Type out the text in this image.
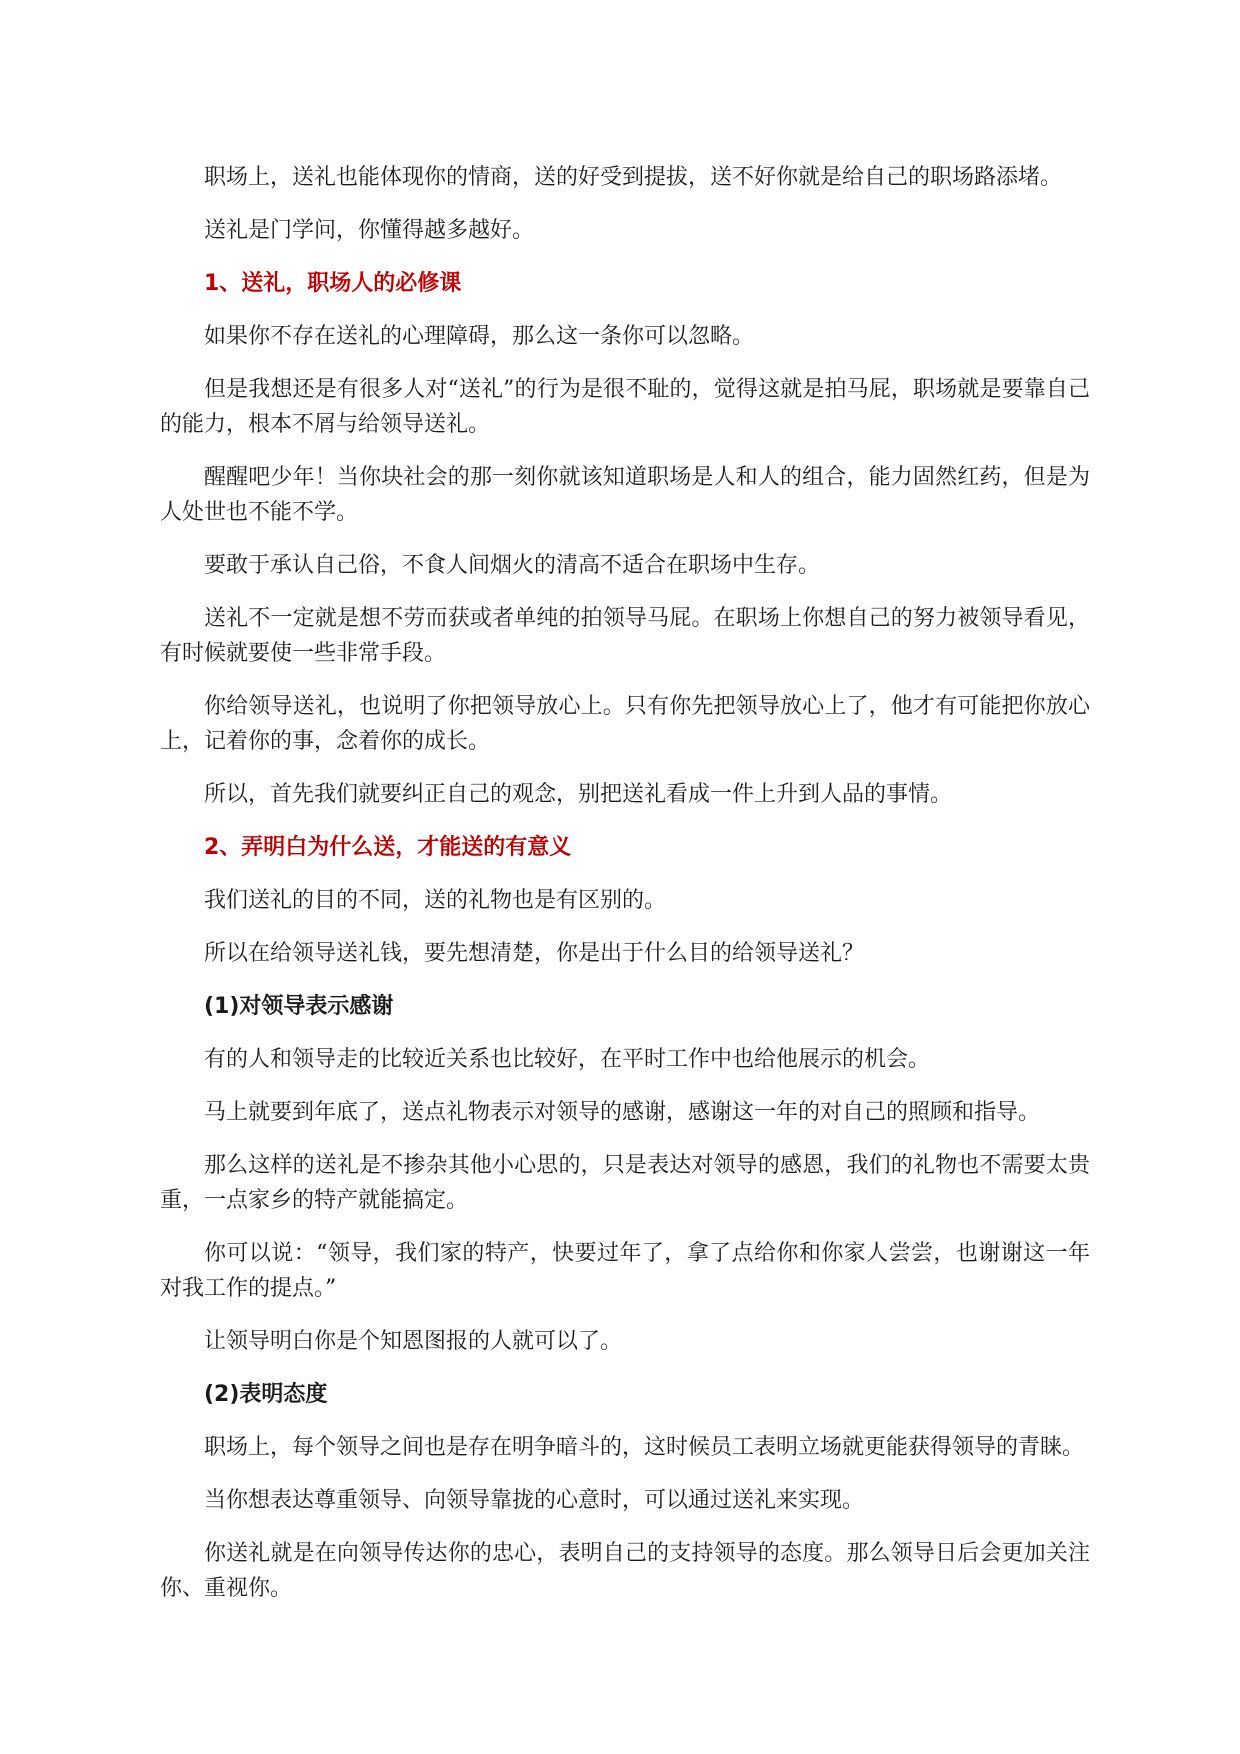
职场上，送礼也能体现你的情商，送的好受到提拔，送不好你就是给自己的职场路添堵。

送礼是门学问，你懂得越多越好。

1、送礼，职场人的必修课

如果你不存在送礼的心理障碍，那么这一条你可以忽略。

但是我想还是有很多人对“送礼”的行为是很不耻的，觉得这就是拍马屁，职场就是要靠自己的能力，根本不屑与给领导送礼。

醒醒吧少年！当你块社会的那一刻你就该知道职场是人和人的组合，能力固然红药，但是为人处世也不能不学。

要敢于承认自己俗，不食人间烟火的清高不适合在职场中生存。

送礼不一定就是想不劳而获或者单纯的拍领导马屁。在职场上你想自己的努力被领导看见，有时候就要使一些非常手段。

你给领导送礼，也说明了你把领导放心上。只有你先把领导放心上了，他才有可能把你放心上，记着你的事，念着你的成长。

所以，首先我们就要纠正自己的观念，别把送礼看成一件上升到人品的事情。

2、弄明白为什么送，才能送的有意义

我们送礼的目的不同，送的礼物也是有区别的。

所以在给领导送礼钱，要先想清楚，你是出于什么目的给领导送礼？

(1)对领导表示感谢

有的人和领导走的比较近关系也比较好，在平时工作中也给他展示的机会。

马上就要到年底了，送点礼物表示对领导的感谢，感谢这一年的对自己的照顾和指导。

那么这样的送礼是不掺杂其他小心思的，只是表达对领导的感恩，我们的礼物也不需要太贵重，一点家乡的特产就能搞定。

你可以说：“领导，我们家的特产，快要过年了，拿了点给你和你家人尝尝，也谢谢这一年对我工作的提点。”

让领导明白你是个知恩图报的人就可以了。

(2)表明态度

职场上，每个领导之间也是存在明争暗斗的，这时候员工表明立场就更能获得领导的青睐。

当你想表达尊重领导、向领导靠拢的心意时，可以通过送礼来实现。

你送礼就是在向领导传达你的忠心，表明自己的支持领导的态度。那么领导日后会更加关注你、重视你。
